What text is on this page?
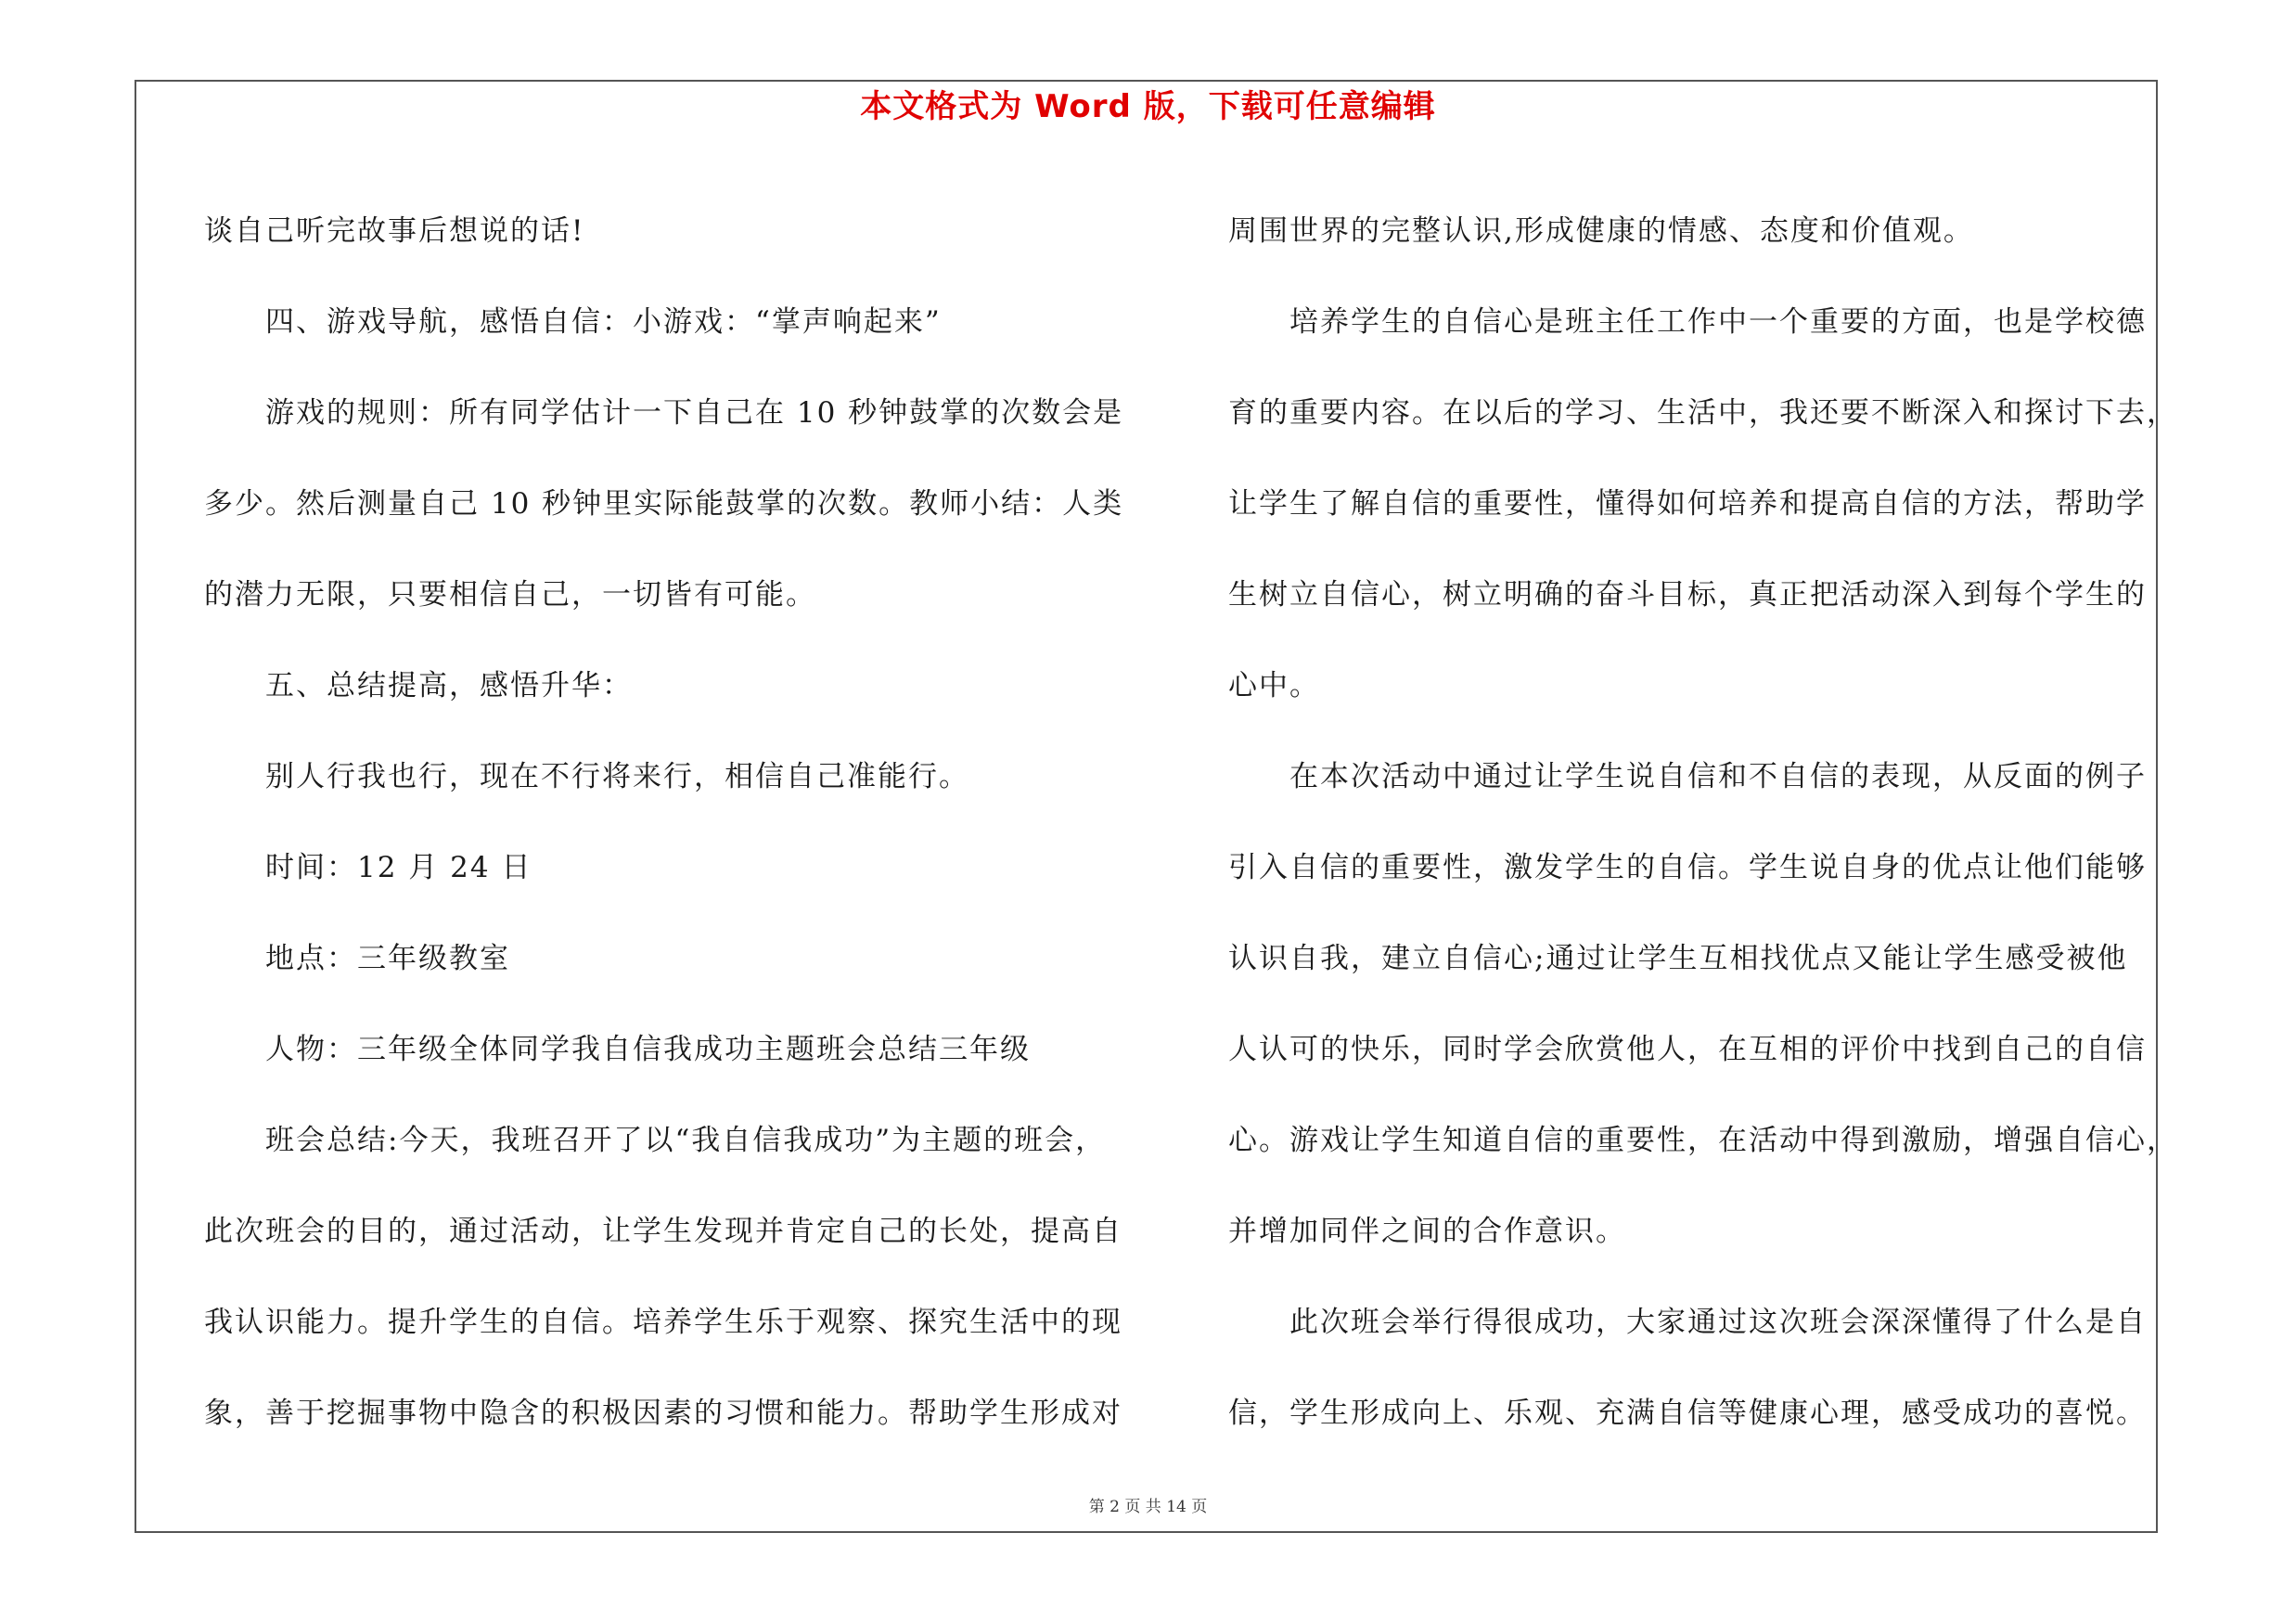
本文格式为 Word 版，下载可任意编辑
谈自己听完故事后想说的话!
四、游戏导航，感悟自信：小游戏：“掌声响起来”
游戏的规则：所有同学估计一下自己在 10 秒钟鼓掌的次数会是
多少。然后测量自己 10 秒钟里实际能鼓掌的次数。教师小结：人类
的潜力无限，只要相信自己，一切皆有可能。
五、总结提高，感悟升华：
别人行我也行，现在不行将来行，相信自己准能行。
时间：12 月 24 日
地点：三年级教室
人物：三年级全体同学我自信我成功主题班会总结三年级
班会总结:今天，我班召开了以“我自信我成功”为主题的班会，
此次班会的目的，通过活动，让学生发现并肯定自己的长处，提高自
我认识能力。提升学生的自信。培养学生乐于观察、探究生活中的现
象，善于挖掘事物中隐含的积极因素的习惯和能力。帮助学生形成对
周围世界的完整认识,形成健康的情感、态度和价值观。
培养学生的自信心是班主任工作中一个重要的方面，也是学校德
育的重要内容。在以后的学习、生活中，我还要不断深入和探讨下去，
让学生了解自信的重要性，懂得如何培养和提高自信的方法，帮助学
生树立自信心，树立明确的奋斗目标，真正把活动深入到每个学生的
心中。
在本次活动中通过让学生说自信和不自信的表现，从反面的例子
引入自信的重要性，激发学生的自信。学生说自身的优点让他们能够
认识自我，建立自信心;通过让学生互相找优点又能让学生感受被他
人认可的快乐，同时学会欣赏他人，在互相的评价中找到自己的自信
心。游戏让学生知道自信的重要性，在活动中得到激励，增强自信心，
并增加同伴之间的合作意识。
此次班会举行得很成功，大家通过这次班会深深懂得了什么是自
信，学生形成向上、乐观、充满自信等健康心理，感受成功的喜悦。
第 2 页 共 14 页
